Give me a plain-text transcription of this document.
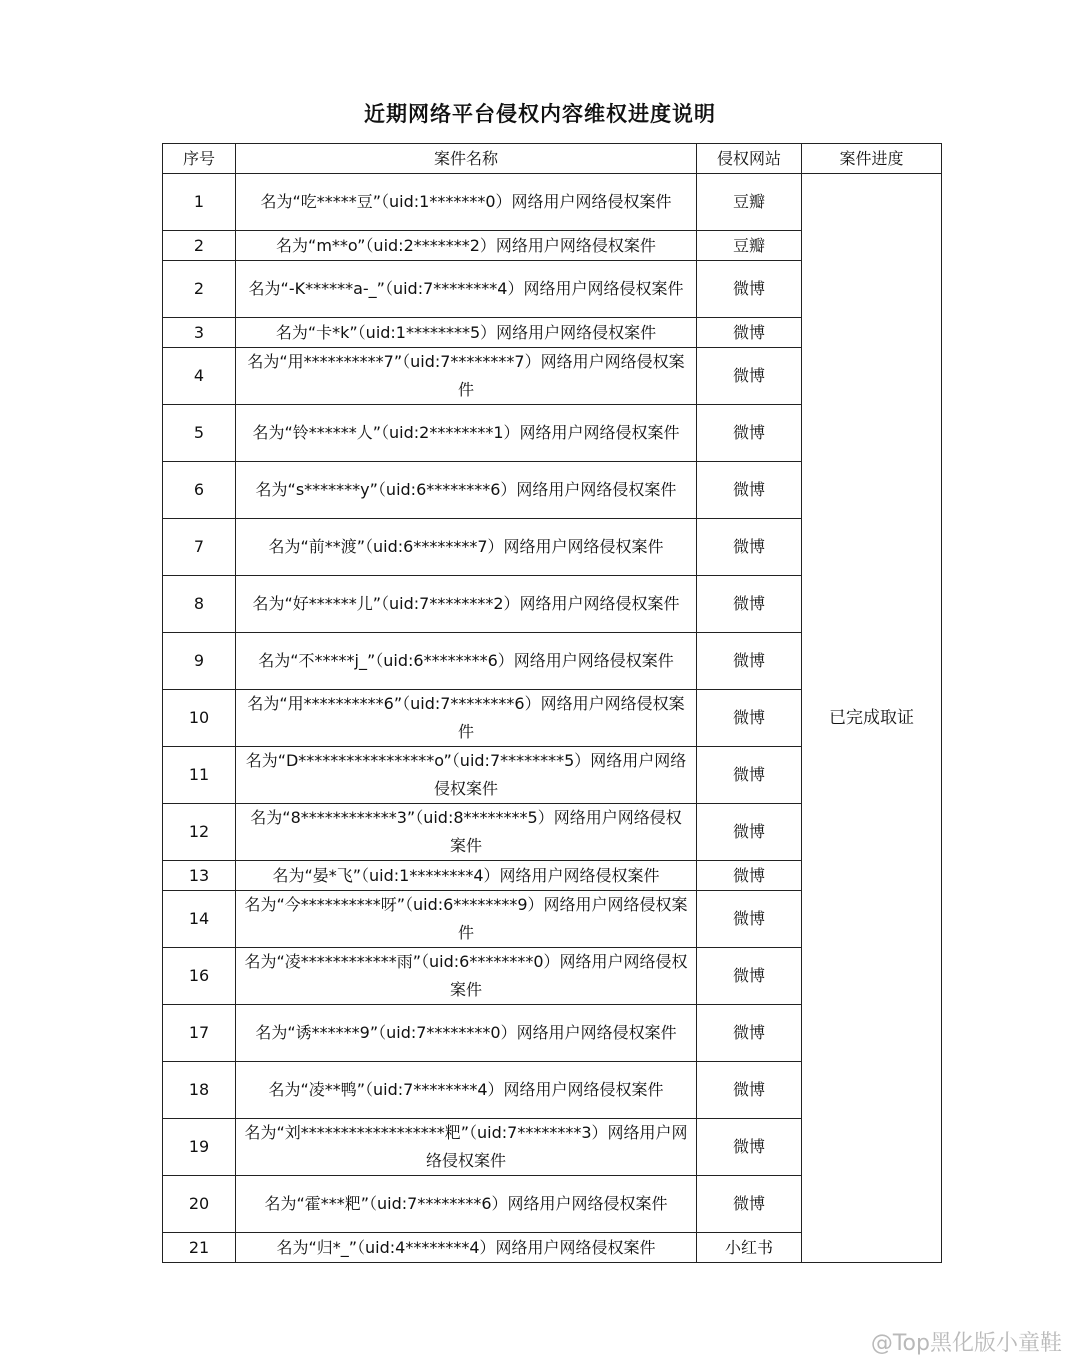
近期网络平台侵权内容维权进度说明
序号	案件名称	侵权网站	案件进度
1	名为“吃*****豆”（uid:1*******0）网络用户网络侵权案件	豆瓣	已完成取证
2	名为“m**o”（uid:2*******2）网络用户网络侵权案件	豆瓣	
2	名为“-K******a-_”（uid:7********4）网络用户网络侵权案件	微博	
3	名为“卡*k”（uid:1********5）网络用户网络侵权案件	微博	
4	名为“用**********7”（uid:7********7）网络用户网络侵权案件	微博	
5	名为“铃******人”（uid:2********1）网络用户网络侵权案件	微博	
6	名为“s*******y”（uid:6********6）网络用户网络侵权案件	微博	
7	名为“前**渡”（uid:6********7）网络用户网络侵权案件	微博	
8	名为“好******儿”（uid:7********2）网络用户网络侵权案件	微博	
9	名为“不*****j_”（uid:6********6）网络用户网络侵权案件	微博	
10	名为“用**********6”（uid:7********6）网络用户网络侵权案件	微博	
11	名为“D*****************o”（uid:7********5）网络用户网络侵权案件	微博	
12	名为“8************3”（uid:8********5）网络用户网络侵权案件	微博	
13	名为“晏*飞”（uid:1********4）网络用户网络侵权案件	微博	
14	名为“今**********呀”（uid:6********9）网络用户网络侵权案件	微博	
16	名为“凌************雨”（uid:6********0）网络用户网络侵权案件	微博	
17	名为“诱******9”（uid:7********0）网络用户网络侵权案件	微博	
18	名为“凌**鸭”（uid:7********4）网络用户网络侵权案件	微博	
19	名为“刘******************粑”（uid:7********3）网络用户网络侵权案件	微博	
20	名为“霍***粑”（uid:7********6）网络用户网络侵权案件	微博	
21	名为“归*_”（uid:4********4）网络用户网络侵权案件	小红书	
@Top黑化版小童鞋
